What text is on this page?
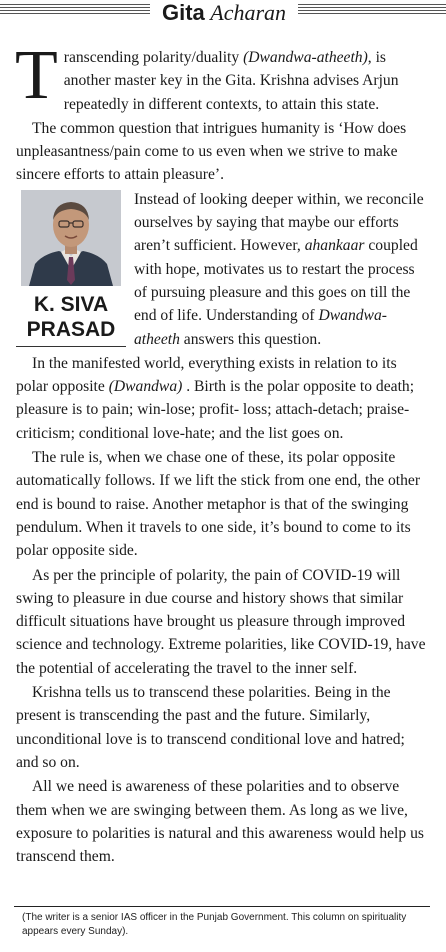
Gita Acharan

Transcending polarity/duality (Dwandwa-atheeth), is another master key in the Gita. Krishna advises Arjun repeatedly in different contexts, to attain this state.

The common question that intrigues humanity is ‘How does unpleasantness/pain come to us even when we strive to make sincere efforts to attain pleasure’.

K. SIVA
PRASAD

Instead of looking deeper within, we reconcile ourselves by saying that maybe our efforts aren’t sufficient. However, ahankaar coupled with hope, motivates us to restart the process of pursuing pleasure and this goes on till the end of life. Understanding of Dwandwa-atheeth answers this question.

In the manifested world, everything exists in relation to its polar opposite (Dwandwa) . Birth is the polar opposite to death; pleasure is to pain; win-lose; profit- loss; attach-detach; praise-criticism; conditional love-hate; and the list goes on.

The rule is, when we chase one of these, its polar opposite automatically follows. If we lift the stick from one end, the other end is bound to raise. Another metaphor is that of the swinging pendulum. When it travels to one side, it’s bound to come to its polar opposite side.

As per the principle of polarity, the pain of COVID-19 will swing to pleasure in due course and history shows that similar difficult situations have brought us pleasure through improved science and technology. Extreme polarities, like COVID-19, have the potential of accelerating the travel to the inner self.

Krishna tells us to transcend these polarities. Being in the present is transcending the past and the future. Similarly, unconditional love is to transcend conditional love and hatred; and so on.

All we need is awareness of these polarities and to observe them when we are swinging between them. As long as we live, exposure to polarities is natural and this awareness would help us transcend them.

(The writer is a senior IAS officer in the Punjab Government. This column on spirituality appears every Sunday).
